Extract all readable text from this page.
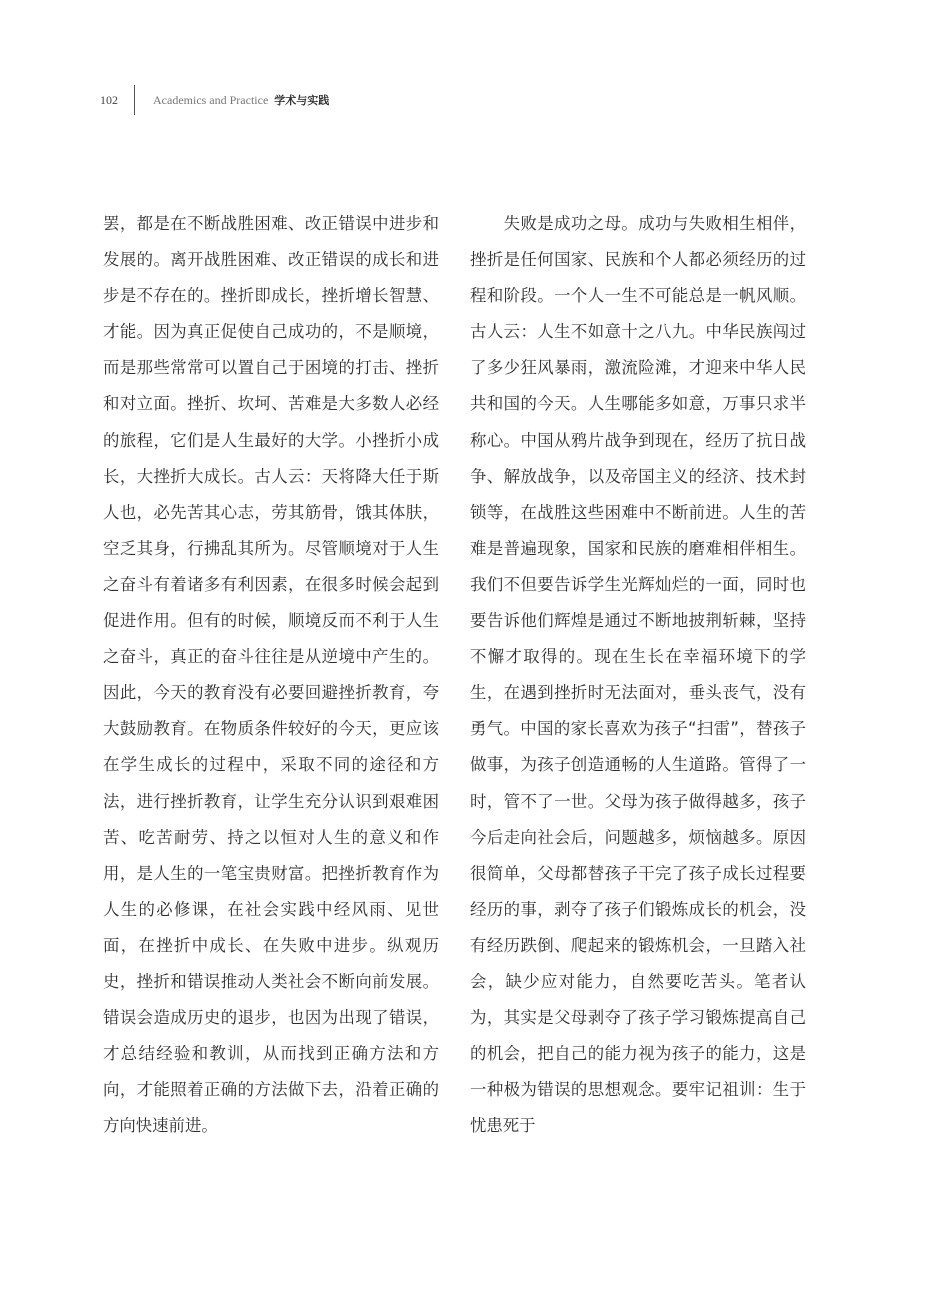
102	Academics and Practice 学术与实践
罢，都是在不断战胜困难、改正错误中进步和发展的。离开战胜困难、改正错误的成长和进步是不存在的。挫折即成长，挫折增长智慧、才能。因为真正促使自己成功的，不是顺境，而是那些常常可以置自己于困境的打击、挫折和对立面。挫折、坎坷、苦难是大多数人必经的旅程，它们是人生最好的大学。小挫折小成长，大挫折大成长。古人云：天将降大任于斯人也，必先苦其心志，劳其筋骨，饿其体肤，空乏其身，行拂乱其所为。尽管顺境对于人生之奋斗有着诸多有利因素，在很多时候会起到促进作用。但有的时候，顺境反而不利于人生之奋斗，真正的奋斗往往是从逆境中产生的。因此，今天的教育没有必要回避挫折教育，夸大鼓励教育。在物质条件较好的今天，更应该在学生成长的过程中，采取不同的途径和方法，进行挫折教育，让学生充分认识到艰难困苦、吃苦耐劳、持之以恒对人生的意义和作用，是人生的一笔宝贵财富。把挫折教育作为人生的必修课，在社会实践中经风雨、见世面，在挫折中成长、在失败中进步。纵观历史，挫折和错误推动人类社会不断向前发展。错误会造成历史的退步，也因为出现了错误，才总结经验和教训，从而找到正确方法和方向，才能照着正确的方法做下去，沿着正确的方向快速前进。
　　失败是成功之母。成功与失败相生相伴，挫折是任何国家、民族和个人都必须经历的过程和阶段。一个人一生不可能总是一帆风顺。古人云：人生不如意十之八九。中华民族闯过了多少狂风暴雨，激流险滩，才迎来中华人民共和国的今天。人生哪能多如意，万事只求半称心。中国从鸦片战争到现在，经历了抗日战争、解放战争，以及帝国主义的经济、技术封锁等，在战胜这些困难中不断前进。人生的苦难是普遍现象，国家和民族的磨难相伴相生。我们不但要告诉学生光辉灿烂的一面，同时也要告诉他们辉煌是通过不断地披荆斩棘，坚持不懈才取得的。现在生长在幸福环境下的学生，在遇到挫折时无法面对，垂头丧气，没有勇气。中国的家长喜欢为孩子“扫雷”，替孩子做事，为孩子创造通畅的人生道路。管得了一时，管不了一世。父母为孩子做得越多，孩子今后走向社会后，问题越多，烦恼越多。原因很简单，父母都替孩子干完了孩子成长过程要经历的事，剥夺了孩子们锻炼成长的机会，没有经历跌倒、爬起来的锻炼机会，一旦踏入社会，缺少应对能力，自然要吃苦头。笔者认为，其实是父母剥夺了孩子学习锻炼提高自己的机会，把自己的能力视为孩子的能力，这是一种极为错误的思想观念。要牢记祖训：生于忧患死于
